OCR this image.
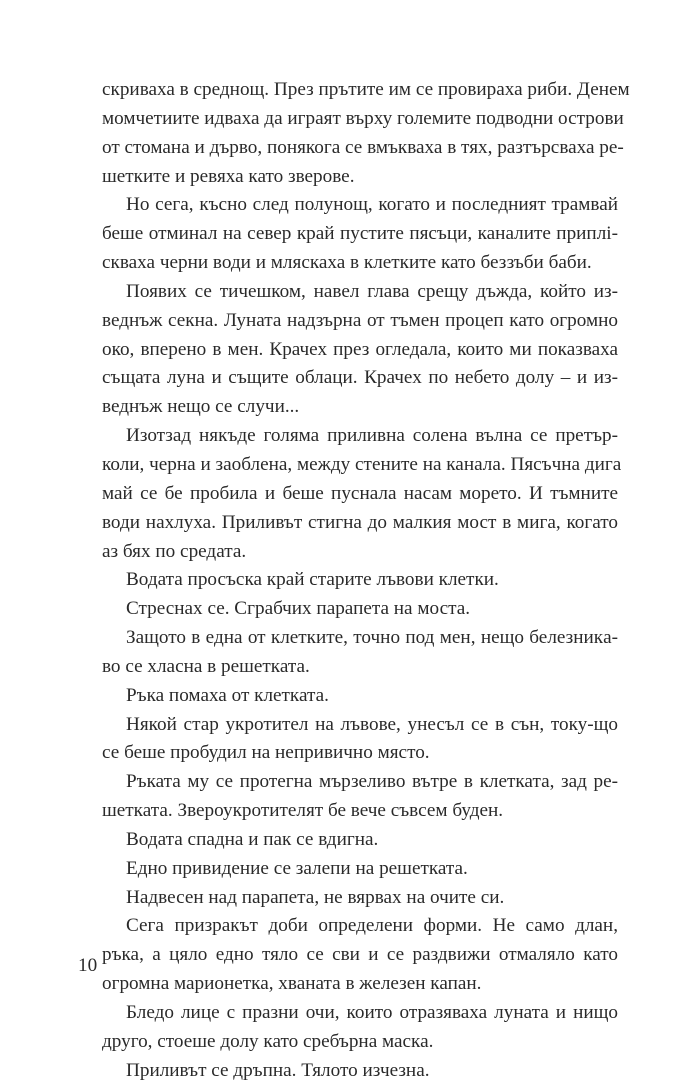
скриваха в среднощ. През прътите им се провираха риби. Денем
момчетиите идваха да играят върху големите подводни острови
от стомана и дърво, понякога се вмъкваха в тях, разтърсваха ре-
шетките и ревяха като зверове.
Но сега, късно след полунощ, когато и последният трамвай
беше отминал на север край пустите пясъци, каналите приплі-
скваха черни води и мляскаха в клетките като беззъби баби.
Появих се тичешком, навел глава срещу дъжда, който из-
веднъж секна. Луната надзърна от тъмен процеп като огромно
око, вперено в мен. Крачех през огледала, които ми показваха
същата луна и същите облаци. Крачех по небето долу – и из-
веднъж нещо се случи...
Изотзад някъде голяма приливна солена вълна се претър-
коли, черна и заоблена, между стените на канала. Пясъчна дига
май се бе пробила и беше пуснала насам морето. И тъмните
води нахлуха. Приливът стигна до малкия мост в мига, когато
аз бях по средата.
Водата просъска край старите лъвови клетки.
Стреснах се. Сграбчих парапета на моста.
Защото в една от клетките, точно под мен, нещо белезникa-
во се хласна в решетката.
Ръка помаха от клетката.
Някой стар укротител на лъвове, унесъл се в сън, току-що
се беше пробудил на непривично място.
Ръката му се протегна мързеливо вътре в клетката, зад ре-
шетката. Звероукротителят бе вече съвсем буден.
Водата спадна и пак се вдигна.
Едно привидение се залепи на решетката.
Надвесен над парапета, не вярвах на очите си.
Сега призракът доби определени форми. Не само длан,
ръка, а цяло едно тяло се сви и се раздвижи отмаляло като
огромна марионетка, хваната в железен капан.
Бледо лице с празни очи, които отразяваха луната и нищо
друго, стоеше долу като сребърна маска.
Приливът се дръпна. Тялото изчезна.
10
